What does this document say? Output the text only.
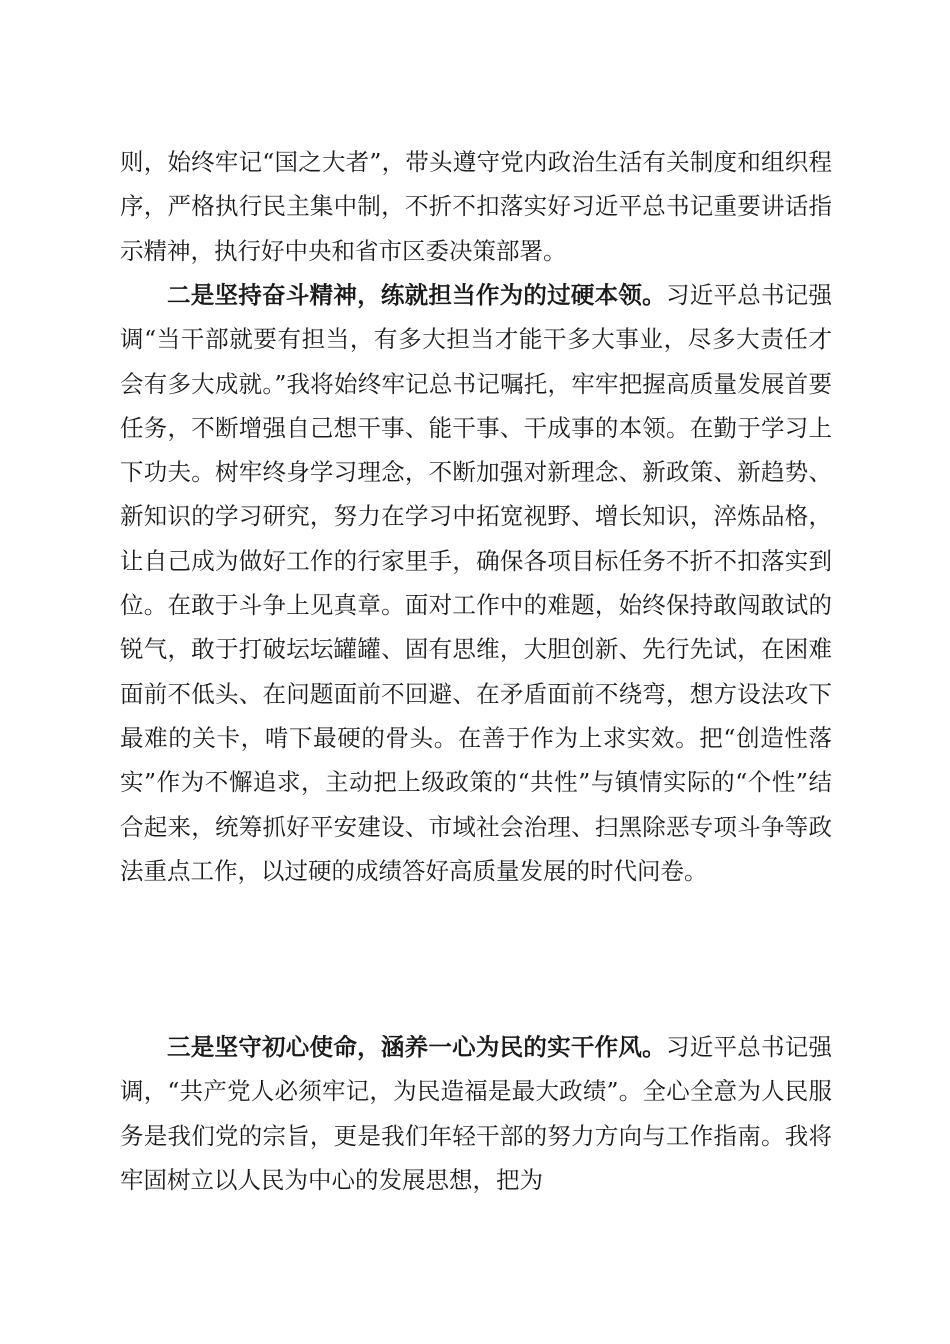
则，始终牢记“国之大者”，带头遵守党内政治生活有关制度和组织程序，严格执行民主集中制，不折不扣落实好习近平总书记重要讲话指示精神，执行好中央和省市区委决策部署。

二是坚持奋斗精神，练就担当作为的过硬本领。习近平总书记强调“当干部就要有担当，有多大担当才能干多大事业，尽多大责任才会有多大成就。”我将始终牢记总书记嘱托，牢牢把握高质量发展首要任务，不断增强自己想干事、能干事、干成事的本领。在勤于学习上下功夫。树牢终身学习理念，不断加强对新理念、新政策、新趋势、新知识的学习研究，努力在学习中拓宽视野、增长知识，淬炼品格，让自己成为做好工作的行家里手，确保各项目标任务不折不扣落实到位。在敢于斗争上见真章。面对工作中的难题，始终保持敢闯敢试的锐气，敢于打破坛坛罐罐、固有思维，大胆创新、先行先试，在困难面前不低头、在问题面前不回避、在矛盾面前不绕弯，想方设法攻下最难的关卡，啃下最硬的骨头。在善于作为上求实效。把“创造性落实”作为不懈追求，主动把上级政策的“共性”与镇情实际的“个性”结合起来，统筹抓好平安建设、市域社会治理、扫黑除恶专项斗争等政法重点工作，以过硬的成绩答好高质量发展的时代问卷。

三是坚守初心使命，涵养一心为民的实干作风。习近平总书记强调，“共产党人必须牢记，为民造福是最大政绩”。全心全意为人民服务是我们党的宗旨，更是我们年轻干部的努力方向与工作指南。我将牢固树立以人民为中心的发展思想，把为
